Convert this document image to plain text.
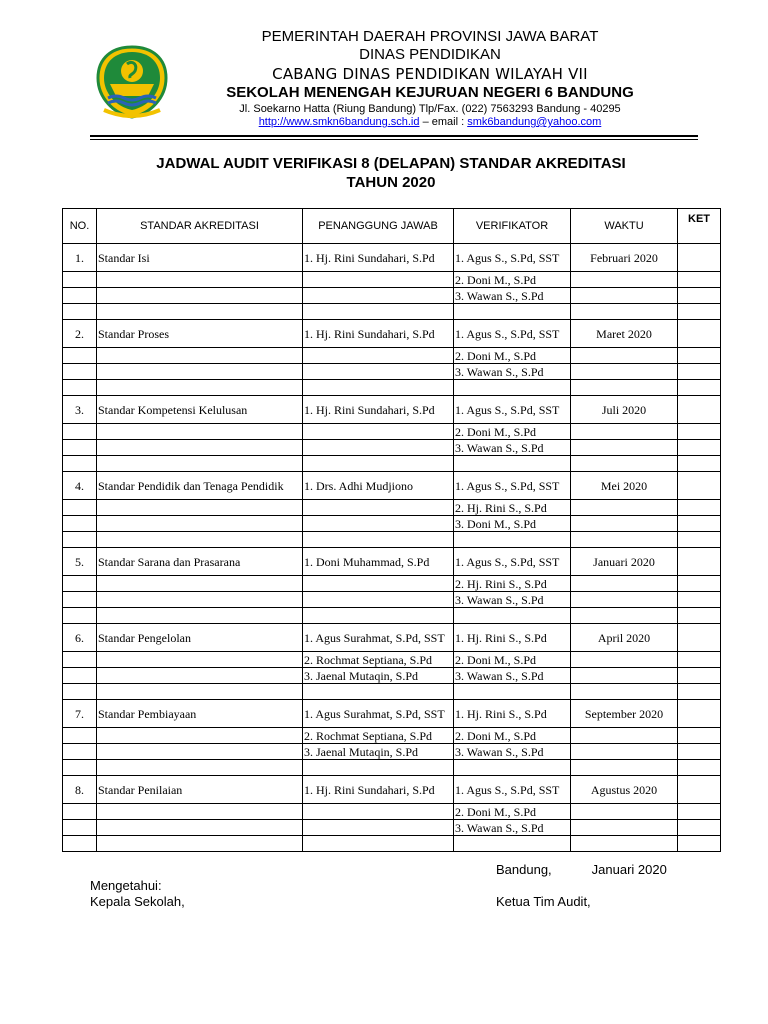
PEMERINTAH DAERAH PROVINSI JAWA BARAT
DINAS PENDIDIKAN
CABANG DINAS PENDIDIKAN WILAYAH VII
SEKOLAH MENENGAH KEJURUAN NEGERI 6 BANDUNG
Jl. Soekarno Hatta (Riung Bandung) Tlp/Fax. (022) 7563293 Bandung - 40295
http://www.smkn6bandung.sch.id – email : smk6bandung@yahoo.com
JADWAL AUDIT VERIFIKASI 8 (DELAPAN) STANDAR AKREDITASI
TAHUN 2020
NO.	STANDAR AKREDITASI	PENANGGUNG JAWAB	VERIFIKATOR	WAKTU	KET
1.	Standar Isi	1. Hj. Rini Sundahari, S.Pd	1. Agus S., S.Pd, SST	Februari 2020	
			2. Doni M., S.Pd		
			3. Wawan S., S.Pd		

2.	Standar Proses	1. Hj. Rini Sundahari, S.Pd	1. Agus S., S.Pd, SST	Maret 2020	
			2. Doni M., S.Pd		
			3. Wawan S., S.Pd		

3.	Standar Kompetensi Kelulusan	1. Hj. Rini Sundahari, S.Pd	1. Agus S., S.Pd, SST	Juli 2020	
			2. Doni M., S.Pd		
			3. Wawan S., S.Pd		

4.	Standar Pendidik dan Tenaga Pendidik	1. Drs. Adhi Mudjiono	1. Agus S., S.Pd, SST	Mei 2020	
			2. Hj. Rini S., S.Pd		
			3. Doni M., S.Pd		

5.	Standar Sarana dan Prasarana	1. Doni Muhammad, S.Pd	1. Agus S., S.Pd, SST	Januari 2020	
			2. Hj. Rini S., S.Pd		
			3. Wawan S., S.Pd		

6.	Standar Pengelolan	1. Agus Surahmat, S.Pd, SST	1. Hj. Rini S., S.Pd	April 2020	
		2. Rochmat Septiana, S.Pd	2. Doni M., S.Pd		
		3. Jaenal Mutaqin, S.Pd	3. Wawan S., S.Pd		

7.	Standar Pembiayaan	1. Agus Surahmat, S.Pd, SST	1. Hj. Rini S., S.Pd	September 2020	
		2. Rochmat Septiana, S.Pd	2. Doni M., S.Pd		
		3. Jaenal Mutaqin, S.Pd	3. Wawan S., S.Pd		

8.	Standar Penilaian	1. Hj. Rini Sundahari, S.Pd	1. Agus S., S.Pd, SST	Agustus 2020	
			2. Doni M., S.Pd		
			3. Wawan S., S.Pd		

Bandung,	Januari 2020
Mengetahui:
Kepala Sekolah,	Ketua Tim Audit,
